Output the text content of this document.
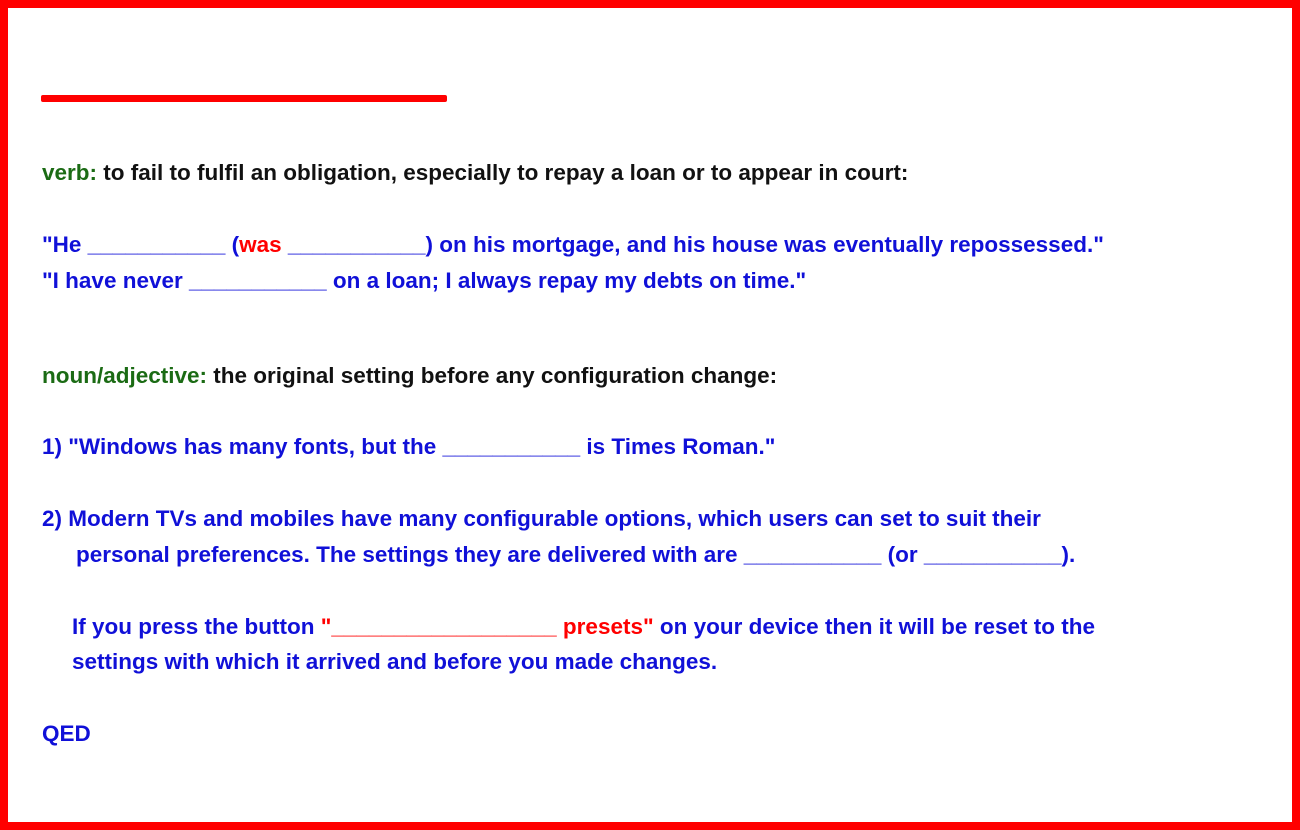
verb: to fail to fulfil an obligation, especially to repay a loan or to appear in court:

"He ___________ (was ___________) on his mortgage, and his house was eventually repossessed."

"I have never ___________ on a loan; I always repay my debts on time."

noun/adjective: the original setting before any configuration change:

1) "Windows has many fonts, but the ___________ is Times Roman."

2) Modern TVs and mobiles have many configurable options, which users can set to suit their

personal preferences. The settings they are delivered with are ___________ (or ___________).

If you press the button "__________________ presets" on your device then it will be reset to the

settings with which it arrived and before you made changes.

QED
